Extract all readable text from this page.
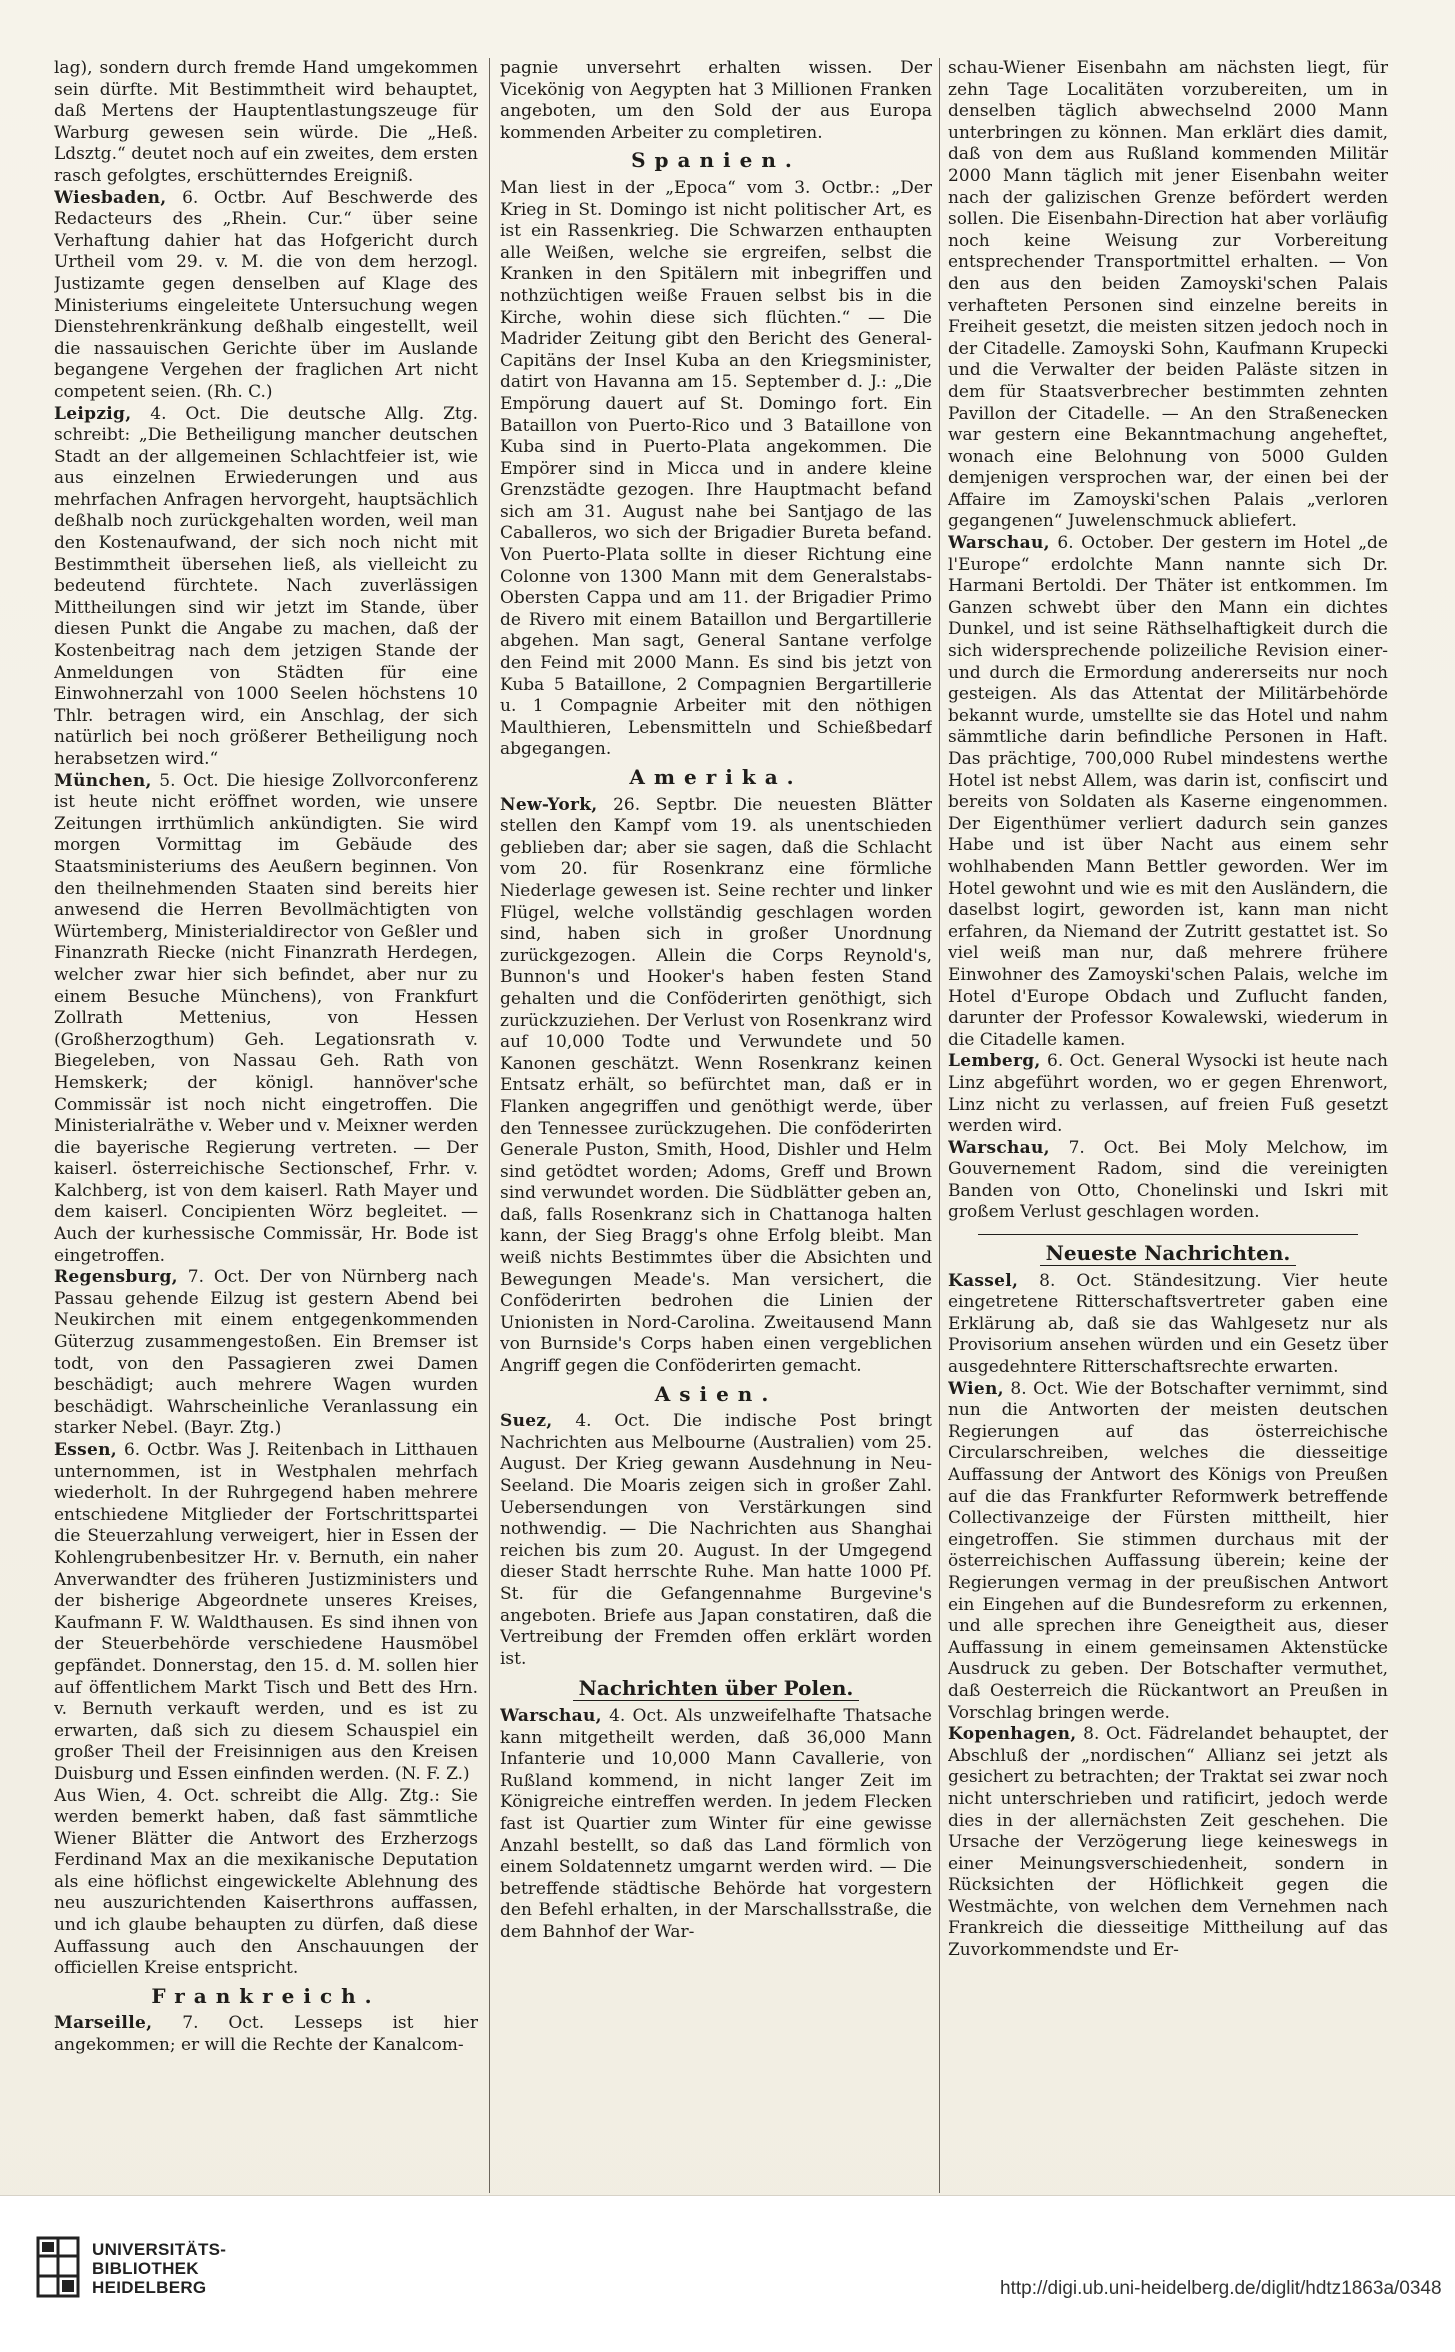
lag), sondern durch fremde Hand umgekommen sein dürfte. Mit Bestimmtheit wird behauptet, daß Mertens der Hauptentlastungszeuge für Warburg gewesen sein würde. Die „Heß. Ldsztg.“ deutet noch auf ein zweites, dem ersten rasch gefolgtes, erschütterndes Ereigniß.

Wiesbaden, 6. Octbr. Auf Beschwerde des Redacteurs des „Rhein. Cur.“ über seine Verhaftung dahier hat das Hofgericht durch Urtheil vom 29. v. M. die von dem herzogl. Justizamte gegen denselben auf Klage des Ministeriums eingeleitete Untersuchung wegen Dienstehrenkränkung deßhalb eingestellt, weil die nassauischen Gerichte über im Auslande begangene Vergehen der fraglichen Art nicht competent seien. (Rh. C.)

Leipzig, 4. Oct. Die deutsche Allg. Ztg. schreibt: „Die Betheiligung mancher deutschen Stadt an der allgemeinen Schlachtfeier ist, wie aus einzelnen Erwiederungen und aus mehrfachen Anfragen hervorgeht, hauptsächlich deßhalb noch zurückgehalten worden, weil man den Kostenaufwand, der sich noch nicht mit Bestimmtheit übersehen ließ, als vielleicht zu bedeutend fürchtete. Nach zuverlässigen Mittheilungen sind wir jetzt im Stande, über diesen Punkt die Angabe zu machen, daß der Kostenbeitrag nach dem jetzigen Stande der Anmeldungen von Städten für eine Einwohnerzahl von 1000 Seelen höchstens 10 Thlr. betragen wird, ein Anschlag, der sich natürlich bei noch größerer Betheiligung noch herabsetzen wird.“

München, 5. Oct. Die hiesige Zollvorconferenz ist heute nicht eröffnet worden, wie unsere Zeitungen irrthümlich ankündigten. Sie wird morgen Vormittag im Gebäude des Staatsministeriums des Aeußern beginnen. Von den theilnehmenden Staaten sind bereits hier anwesend die Herren Bevollmächtigten von Würtemberg, Ministerialdirector von Geßler und Finanzrath Riecke (nicht Finanzrath Herdegen, welcher zwar hier sich befindet, aber nur zu einem Besuche Münchens), von Frankfurt Zollrath Mettenius, von Hessen (Großherzogthum) Geh. Legationsrath v. Biegeleben, von Nassau Geh. Rath von Hemskerk; der königl. hannöver'sche Commissär ist noch nicht eingetroffen. Die Ministerialräthe v. Weber und v. Meixner werden die bayerische Regierung vertreten. — Der kaiserl. österreichische Sectionschef, Frhr. v. Kalchberg, ist von dem kaiserl. Rath Mayer und dem kaiserl. Concipienten Wörz begleitet. — Auch der kurhessische Commissär, Hr. Bode ist eingetroffen.

Regensburg, 7. Oct. Der von Nürnberg nach Passau gehende Eilzug ist gestern Abend bei Neukirchen mit einem entgegenkommenden Güterzug zusammengestoßen. Ein Bremser ist todt, von den Passagieren zwei Damen beschädigt; auch mehrere Wagen wurden beschädigt. Wahrscheinliche Veranlassung ein starker Nebel. (Bayr. Ztg.)

Essen, 6. Octbr. Was J. Reitenbach in Litthauen unternommen, ist in Westphalen mehrfach wiederholt. In der Ruhrgegend haben mehrere entschiedene Mitglieder der Fortschrittspartei die Steuerzahlung verweigert, hier in Essen der Kohlengrubenbesitzer Hr. v. Bernuth, ein naher Anverwandter des früheren Justizministers und der bisherige Abgeordnete unseres Kreises, Kaufmann F. W. Waldthausen. Es sind ihnen von der Steuerbehörde verschiedene Hausmöbel gepfändet. Donnerstag, den 15. d. M. sollen hier auf öffentlichem Markt Tisch und Bett des Hrn. v. Bernuth verkauft werden, und es ist zu erwarten, daß sich zu diesem Schauspiel ein großer Theil der Freisinnigen aus den Kreisen Duisburg und Essen einfinden werden. (N. F. Z.)

Aus Wien, 4. Oct. schreibt die Allg. Ztg.: Sie werden bemerkt haben, daß fast sämmtliche Wiener Blätter die Antwort des Erzherzogs Ferdinand Max an die mexikanische Deputation als eine höflichst eingewickelte Ablehnung des neu auszurichtenden Kaiserthrons auffassen, und ich glaube behaupten zu dürfen, daß diese Auffassung auch den Anschauungen der officiellen Kreise entspricht.

Frankreich.

Marseille, 7. Oct. Lesseps ist hier angekommen; er will die Rechte der Kanalcom-

pagnie unversehrt erhalten wissen. Der Vicekönig von Aegypten hat 3 Millionen Franken angeboten, um den Sold der aus Europa kommenden Arbeiter zu completiren.

Spanien.

Man liest in der „Epoca“ vom 3. Octbr.: „Der Krieg in St. Domingo ist nicht politischer Art, es ist ein Rassenkrieg. Die Schwarzen enthaupten alle Weißen, welche sie ergreifen, selbst die Kranken in den Spitälern mit inbegriffen und nothzüchtigen weiße Frauen selbst bis in die Kirche, wohin diese sich flüchten.“ — Die Madrider Zeitung gibt den Bericht des General-Capitäns der Insel Kuba an den Kriegsminister, datirt von Havanna am 15. September d. J.: „Die Empörung dauert auf St. Domingo fort. Ein Bataillon von Puerto-Rico und 3 Bataillone von Kuba sind in Puerto-Plata angekommen. Die Empörer sind in Micca und in andere kleine Grenzstädte gezogen. Ihre Hauptmacht befand sich am 31. August nahe bei Santjago de las Caballeros, wo sich der Brigadier Bureta befand. Von Puerto-Plata sollte in dieser Richtung eine Colonne von 1300 Mann mit dem Generalstabs-Obersten Cappa und am 11. der Brigadier Primo de Rivero mit einem Bataillon und Bergartillerie abgehen. Man sagt, General Santane verfolge den Feind mit 2000 Mann. Es sind bis jetzt von Kuba 5 Bataillone, 2 Compagnien Bergartillerie u. 1 Compagnie Arbeiter mit den nöthigen Maulthieren, Lebensmitteln und Schießbedarf abgegangen.

Amerika.

New-York, 26. Septbr. Die neuesten Blätter stellen den Kampf vom 19. als unentschieden geblieben dar; aber sie sagen, daß die Schlacht vom 20. für Rosenkranz eine förmliche Niederlage gewesen ist. Seine rechter und linker Flügel, welche vollständig geschlagen worden sind, haben sich in großer Unordnung zurückgezogen. Allein die Corps Reynold's, Bunnon's und Hooker's haben festen Stand gehalten und die Conföderirten genöthigt, sich zurückzuziehen. Der Verlust von Rosenkranz wird auf 10,000 Todte und Verwundete und 50 Kanonen geschätzt. Wenn Rosenkranz keinen Entsatz erhält, so befürchtet man, daß er in Flanken angegriffen und genöthigt werde, über den Tennessee zurückzugehen. Die conföderirten Generale Puston, Smith, Hood, Dishler und Helm sind getödtet worden; Adoms, Greff und Brown sind verwundet worden. Die Südblätter geben an, daß, falls Rosenkranz sich in Chattanoga halten kann, der Sieg Bragg's ohne Erfolg bleibt. Man weiß nichts Bestimmtes über die Absichten und Bewegungen Meade's. Man versichert, die Conföderirten bedrohen die Linien der Unionisten in Nord-Carolina. Zweitausend Mann von Burnside's Corps haben einen vergeblichen Angriff gegen die Conföderirten gemacht.

Asien.

Suez, 4. Oct. Die indische Post bringt Nachrichten aus Melbourne (Australien) vom 25. August. Der Krieg gewann Ausdehnung in Neu-Seeland. Die Moaris zeigen sich in großer Zahl. Uebersendungen von Verstärkungen sind nothwendig. — Die Nachrichten aus Shanghai reichen bis zum 20. August. In der Umgegend dieser Stadt herrschte Ruhe. Man hatte 1000 Pf. St. für die Gefangennahme Burgevine's angeboten. Briefe aus Japan constatiren, daß die Vertreibung der Fremden offen erklärt worden ist.

Nachrichten über Polen.

Warschau, 4. Oct. Als unzweifelhafte Thatsache kann mitgetheilt werden, daß 36,000 Mann Infanterie und 10,000 Mann Cavallerie, von Rußland kommend, in nicht langer Zeit im Königreiche eintreffen werden. In jedem Flecken fast ist Quartier zum Winter für eine gewisse Anzahl bestellt, so daß das Land förmlich von einem Soldatennetz umgarnt werden wird. — Die betreffende städtische Behörde hat vorgestern den Befehl erhalten, in der Marschallsstraße, die dem Bahnhof der War-

schau-Wiener Eisenbahn am nächsten liegt, für zehn Tage Localitäten vorzubereiten, um in denselben täglich abwechselnd 2000 Mann unterbringen zu können. Man erklärt dies damit, daß von dem aus Rußland kommenden Militär 2000 Mann täglich mit jener Eisenbahn weiter nach der galizischen Grenze befördert werden sollen. Die Eisenbahn-Direction hat aber vorläufig noch keine Weisung zur Vorbereitung entsprechender Transportmittel erhalten. — Von den aus den beiden Zamoyski'schen Palais verhafteten Personen sind einzelne bereits in Freiheit gesetzt, die meisten sitzen jedoch noch in der Citadelle. Zamoyski Sohn, Kaufmann Krupecki und die Verwalter der beiden Paläste sitzen in dem für Staatsverbrecher bestimmten zehnten Pavillon der Citadelle. — An den Straßenecken war gestern eine Bekanntmachung angeheftet, wonach eine Belohnung von 5000 Gulden demjenigen versprochen war, der einen bei der Affaire im Zamoyski'schen Palais „verloren gegangenen“ Juwelenschmuck abliefert.

Warschau, 6. October. Der gestern im Hotel „de l'Europe“ erdolchte Mann nannte sich Dr. Harmani Bertoldi. Der Thäter ist entkommen. Im Ganzen schwebt über den Mann ein dichtes Dunkel, und ist seine Räthselhaftigkeit durch die sich widersprechende polizeiliche Revision einer- und durch die Ermordung andererseits nur noch gesteigen. Als das Attentat der Militärbehörde bekannt wurde, umstellte sie das Hotel und nahm sämmtliche darin befindliche Personen in Haft. Das prächtige, 700,000 Rubel mindestens werthe Hotel ist nebst Allem, was darin ist, confiscirt und bereits von Soldaten als Kaserne eingenommen. Der Eigenthümer verliert dadurch sein ganzes Habe und ist über Nacht aus einem sehr wohlhabenden Mann Bettler geworden. Wer im Hotel gewohnt und wie es mit den Ausländern, die daselbst logirt, geworden ist, kann man nicht erfahren, da Niemand der Zutritt gestattet ist. So viel weiß man nur, daß mehrere frühere Einwohner des Zamoyski'schen Palais, welche im Hotel d'Europe Obdach und Zuflucht fanden, darunter der Professor Kowalewski, wiederum in die Citadelle kamen.

Lemberg, 6. Oct. General Wysocki ist heute nach Linz abgeführt worden, wo er gegen Ehrenwort, Linz nicht zu verlassen, auf freien Fuß gesetzt werden wird.

Warschau, 7. Oct. Bei Moly Melchow, im Gouvernement Radom, sind die vereinigten Banden von Otto, Chonelinski und Iskri mit großem Verlust geschlagen worden.

Neueste Nachrichten.

Kassel, 8. Oct. Ständesitzung. Vier heute eingetretene Ritterschaftsvertreter gaben eine Erklärung ab, daß sie das Wahlgesetz nur als Provisorium ansehen würden und ein Gesetz über ausgedehntere Ritterschaftsrechte erwarten.

Wien, 8. Oct. Wie der Botschafter vernimmt, sind nun die Antworten der meisten deutschen Regierungen auf das österreichische Circularschreiben, welches die diesseitige Auffassung der Antwort des Königs von Preußen auf die das Frankfurter Reformwerk betreffende Collectivanzeige der Fürsten mittheilt, hier eingetroffen. Sie stimmen durchaus mit der österreichischen Auffassung überein; keine der Regierungen vermag in der preußischen Antwort ein Eingehen auf die Bundesreform zu erkennen, und alle sprechen ihre Geneigtheit aus, dieser Auffassung in einem gemeinsamen Aktenstücke Ausdruck zu geben. Der Botschafter vermuthet, daß Oesterreich die Rückantwort an Preußen in Vorschlag bringen werde.

Kopenhagen, 8. Oct. Fädrelandet behauptet, der Abschluß der „nordischen“ Allianz sei jetzt als gesichert zu betrachten; der Traktat sei zwar noch nicht unterschrieben und ratificirt, jedoch werde dies in der allernächsten Zeit geschehen. Die Ursache der Verzögerung liege keineswegs in einer Meinungsverschiedenheit, sondern in Rücksichten der Höflichkeit gegen die Westmächte, von welchen dem Vernehmen nach Frankreich die diesseitige Mittheilung auf das Zuvorkommendste und Er-

UNIVERSITÄTS-
BIBLIOTHEK
HEIDELBERG	http://digi.ub.uni-heidelberg.de/diglit/hdtz1863a/0348
